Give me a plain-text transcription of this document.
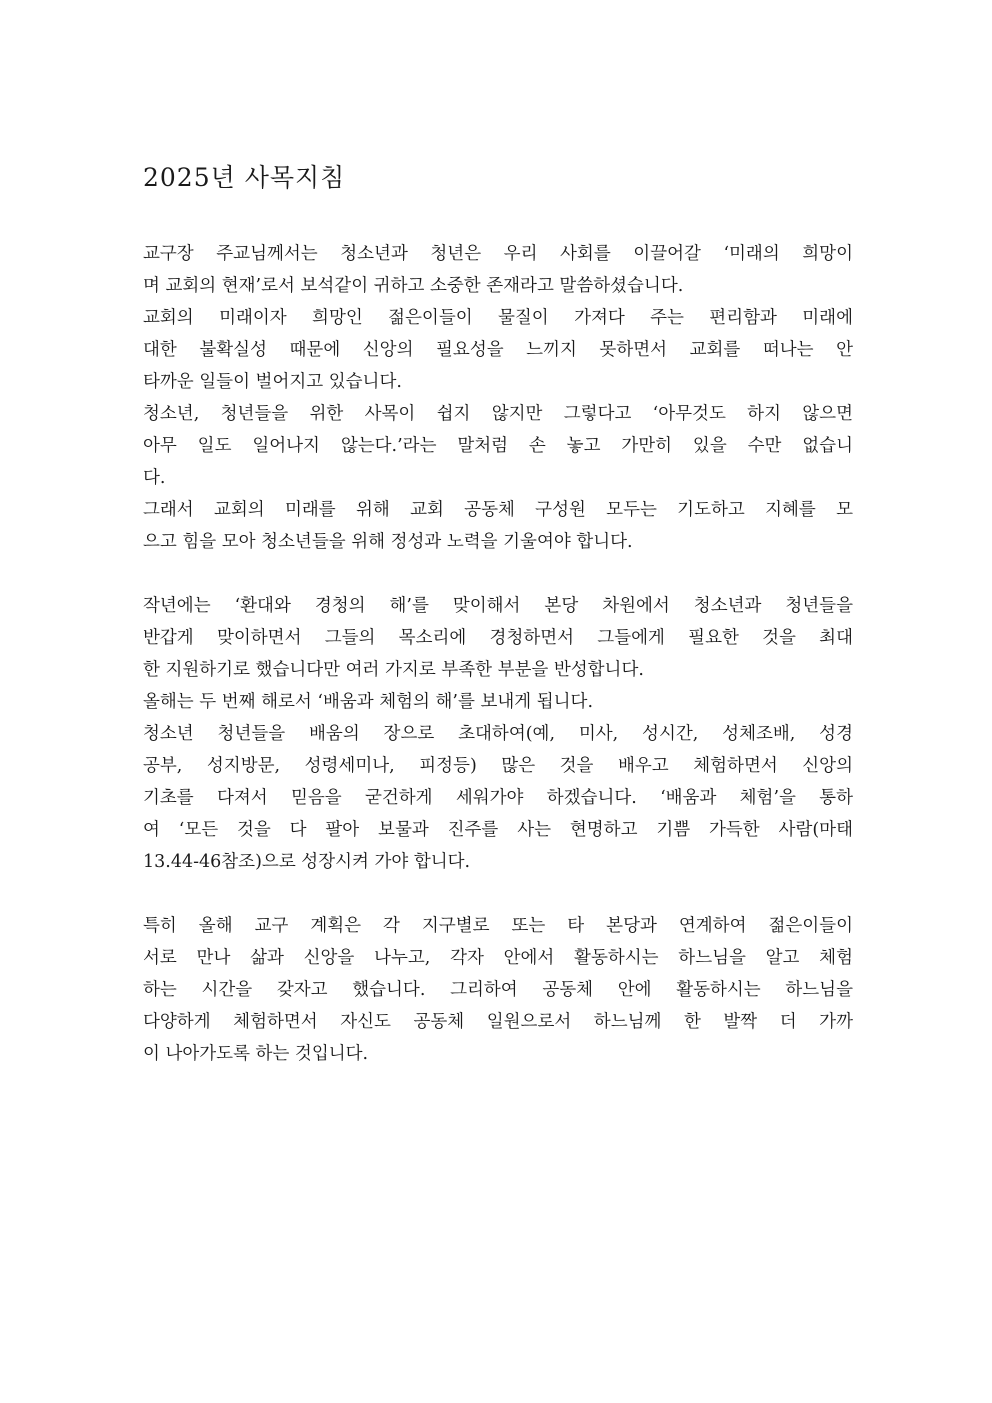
2025년 사목지침
교구장 주교님께서는 청소년과 청년은 우리 사회를 이끌어갈 ‘미래의 희망이
며 교회의 현재’로서 보석같이 귀하고 소중한 존재라고 말씀하셨습니다.
교회의 미래이자 희망인 젊은이들이 물질이 가져다 주는 편리함과 미래에
대한 불확실성 때문에 신앙의 필요성을 느끼지 못하면서 교회를 떠나는 안
타까운 일들이 벌어지고 있습니다.
청소년, 청년들을 위한 사목이 쉽지 않지만 그렇다고 ‘아무것도 하지 않으면
아무 일도 일어나지 않는다.’라는 말처럼 손 놓고 가만히 있을 수만 없습니
다.
그래서 교회의 미래를 위해 교회 공동체 구성원 모두는 기도하고 지혜를 모
으고 힘을 모아 청소년들을 위해 정성과 노력을 기울여야 합니다.
작년에는 ‘환대와 경청의 해’를 맞이해서 본당 차원에서 청소년과 청년들을
반갑게 맞이하면서 그들의 목소리에 경청하면서 그들에게 필요한 것을 최대
한 지원하기로 했습니다만 여러 가지로 부족한 부분을 반성합니다.
올해는 두 번째 해로서 ‘배움과 체험의 해’를 보내게 됩니다.
청소년 청년들을 배움의 장으로 초대하여(예, 미사, 성시간, 성체조배, 성경
공부, 성지방문, 성령세미나, 피정등) 많은 것을 배우고 체험하면서 신앙의
기초를 다져서 믿음을 굳건하게 세워가야 하겠습니다. ‘배움과 체험’을 통하
여 ‘모든 것을 다 팔아 보물과 진주를 사는 현명하고 기쁨 가득한 사람(마태
13.44-46참조)으로 성장시켜 가야 합니다.
특히 올해 교구 계획은 각 지구별로 또는 타 본당과 연계하여 젊은이들이
서로 만나 삶과 신앙을 나누고, 각자 안에서 활동하시는 하느님을 알고 체험
하는 시간을 갖자고 했습니다. 그리하여 공동체 안에 활동하시는 하느님을
다양하게 체험하면서 자신도 공동체 일원으로서 하느님께 한 발짝 더 가까
이 나아가도록 하는 것입니다.
